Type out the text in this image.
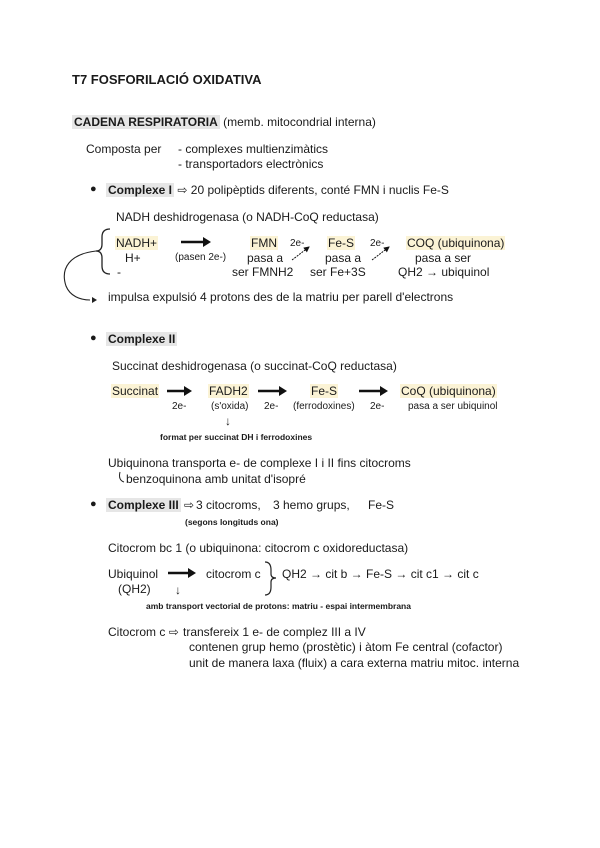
T7 FOSFORILACIÓ OXIDATIVA
CADENA RESPIRATORIA (memb. mitocondrial interna)
Composta per - complexes multienzimàtics
- transportadors electrònics
● Complexe I ⇨ 20 polipèptids diferents, conté FMN i nuclis Fe-S
NADH deshidrogenasa (o NADH-CoQ reductasa)
NADH+
H+
-
(pasen 2e-)
FMN
pasa a
ser FMNH2
2e- Fe-S
pasa a
ser Fe+3S
2e- COQ (ubiquinona)
pasa a ser
QH2 → ubiquinol
impulsa expulsió 4 protons des de la matriu per parell d'electrons
● Complexe II
Succinat deshidrogenasa (o succinat-CoQ reductasa)
Succinat
2e-
FADH2
(s'oxida) 2e-
Fe-S
(ferrodoxines) 2e-
CoQ (ubiquinona)
pasa a ser ubiquinol
↓
format per succinat DH i ferrodoxines
Ubiquinona transporta e- de complexe I i II fins citocroms
benzoquinona amb unitat d'isopré
● Complexe III ⇨ 3 citocroms, 3 hemo grups, Fe-S
(segons longituds ona)
Citocrom bc 1 (o ubiquinona: citocrom c oxidoreductasa)
Ubiquinol
(QH2) ↓
citocrom c QH2 → cit b → Fe-S → cit c1 → cit c
amb transport vectorial de protons: matriu - espai intermembrana
Citocrom c ⇨ transfereix 1 e- de complez III a IV
contenen grup hemo (prostètic) i àtom Fe central (cofactor)
unit de manera laxa (fluix) a cara externa matriu mitoc. interna
